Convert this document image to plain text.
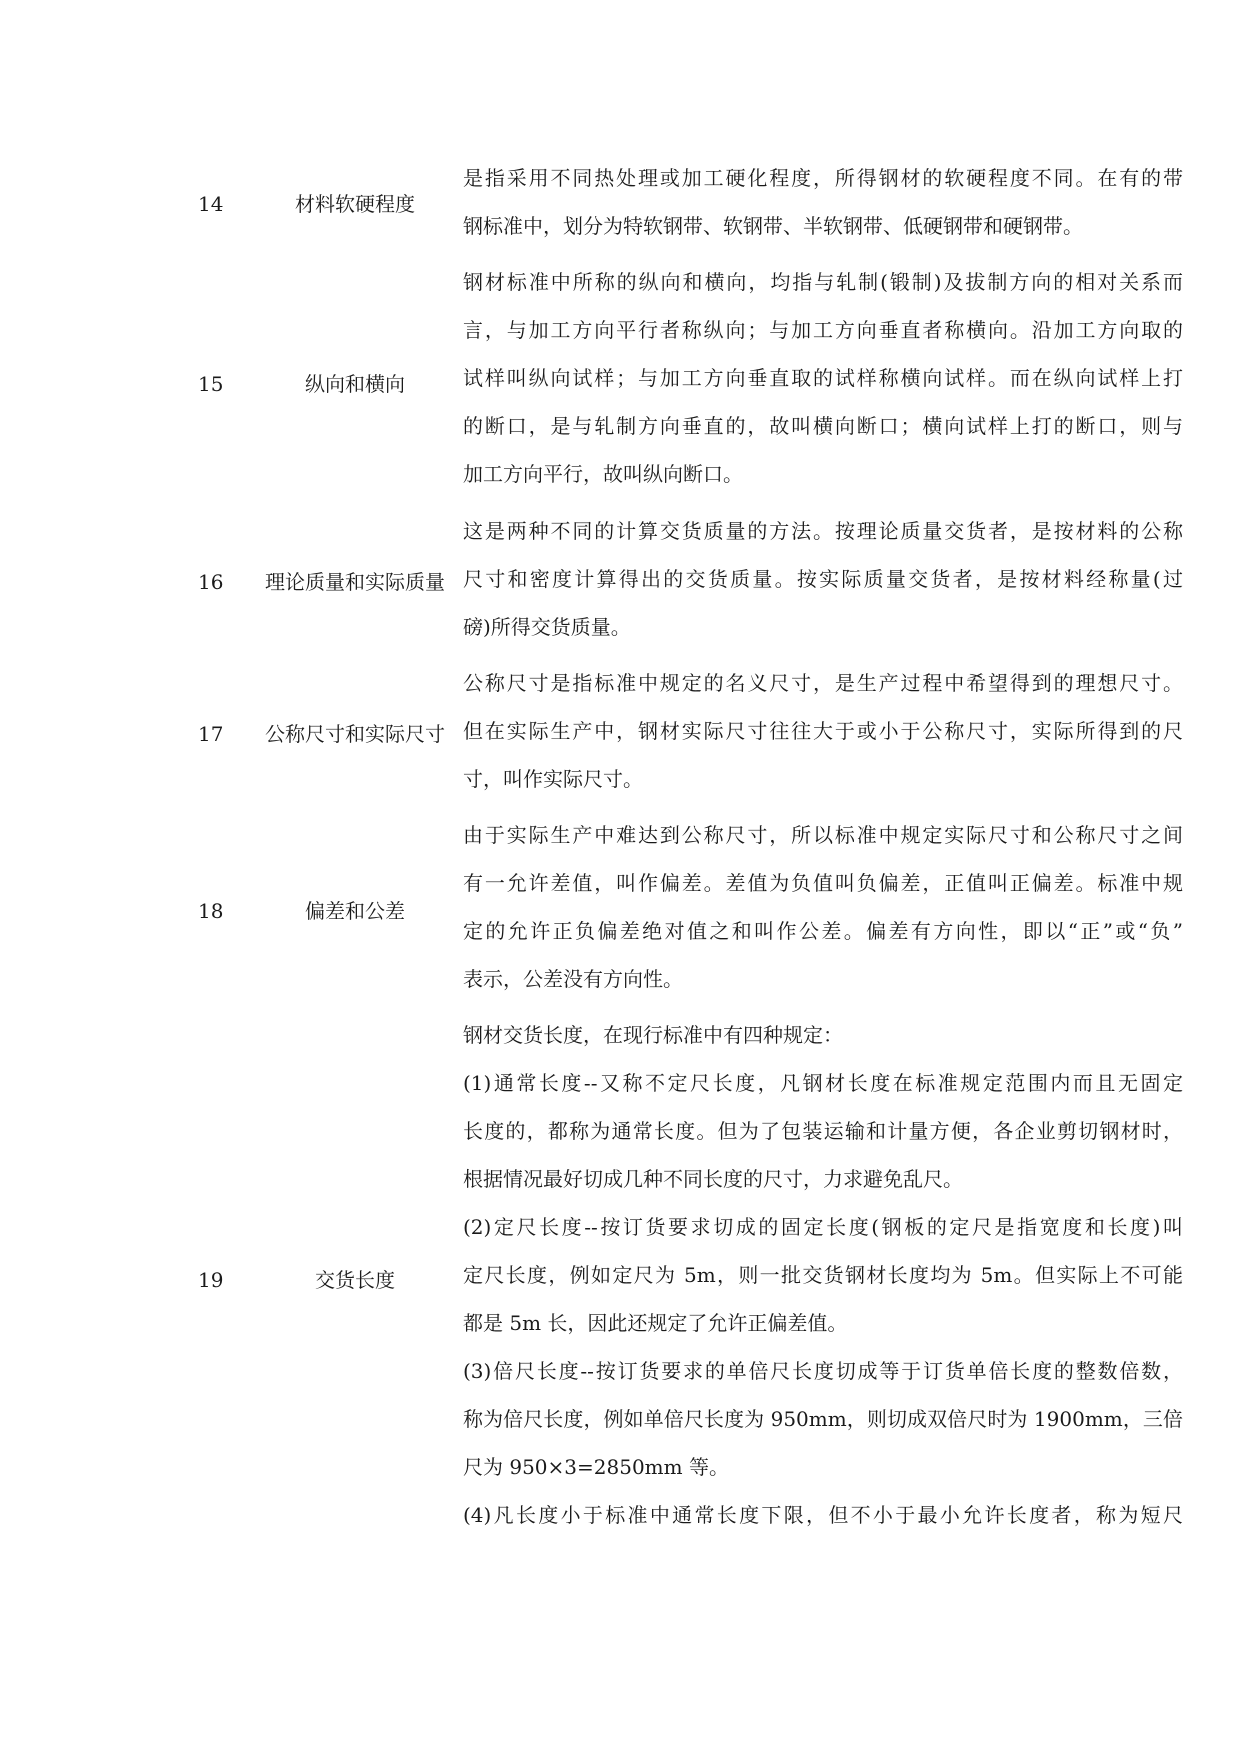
14	材料软硬程度
是指采用不同热处理或加工硬化程度，所得钢材的软硬程度不同。在有的带
钢标准中，划分为特软钢带、软钢带、半软钢带、低硬钢带和硬钢带。
15	纵向和横向
钢材标准中所称的纵向和横向，均指与轧制(锻制)及拔制方向的相对关系而
言，与加工方向平行者称纵向；与加工方向垂直者称横向。沿加工方向取的
试样叫纵向试样；与加工方向垂直取的试样称横向试样。而在纵向试样上打
的断口，是与轧制方向垂直的，故叫横向断口；横向试样上打的断口，则与
加工方向平行，故叫纵向断口。
16	理论质量和实际质量
这是两种不同的计算交货质量的方法。按理论质量交货者，是按材料的公称
尺寸和密度计算得出的交货质量。按实际质量交货者，是按材料经称量(过
磅)所得交货质量。
17	公称尺寸和实际尺寸
公称尺寸是指标准中规定的名义尺寸，是生产过程中希望得到的理想尺寸。
但在实际生产中，钢材实际尺寸往往大于或小于公称尺寸，实际所得到的尺
寸，叫作实际尺寸。
18	偏差和公差
由于实际生产中难达到公称尺寸，所以标准中规定实际尺寸和公称尺寸之间
有一允许差值，叫作偏差。差值为负值叫负偏差，正值叫正偏差。标准中规
定的允许正负偏差绝对值之和叫作公差。偏差有方向性，即以“正”或“负”
表示，公差没有方向性。
19	交货长度
钢材交货长度，在现行标准中有四种规定：
(1)通常长度--又称不定尺长度，凡钢材长度在标准规定范围内而且无固定
长度的，都称为通常长度。但为了包装运输和计量方便，各企业剪切钢材时，
根据情况最好切成几种不同长度的尺寸，力求避免乱尺。
(2)定尺长度--按订货要求切成的固定长度(钢板的定尺是指宽度和长度)叫
定尺长度，例如定尺为 5m，则一批交货钢材长度均为 5m。但实际上不可能
都是 5m 长，因此还规定了允许正偏差值。
(3)倍尺长度--按订货要求的单倍尺长度切成等于订货单倍长度的整数倍数，
称为倍尺长度，例如单倍尺长度为 950mm，则切成双倍尺时为 1900mm，三倍
尺为 950×3=2850mm 等。
(4)凡长度小于标准中通常长度下限，但不小于最小允许长度者，称为短尺
